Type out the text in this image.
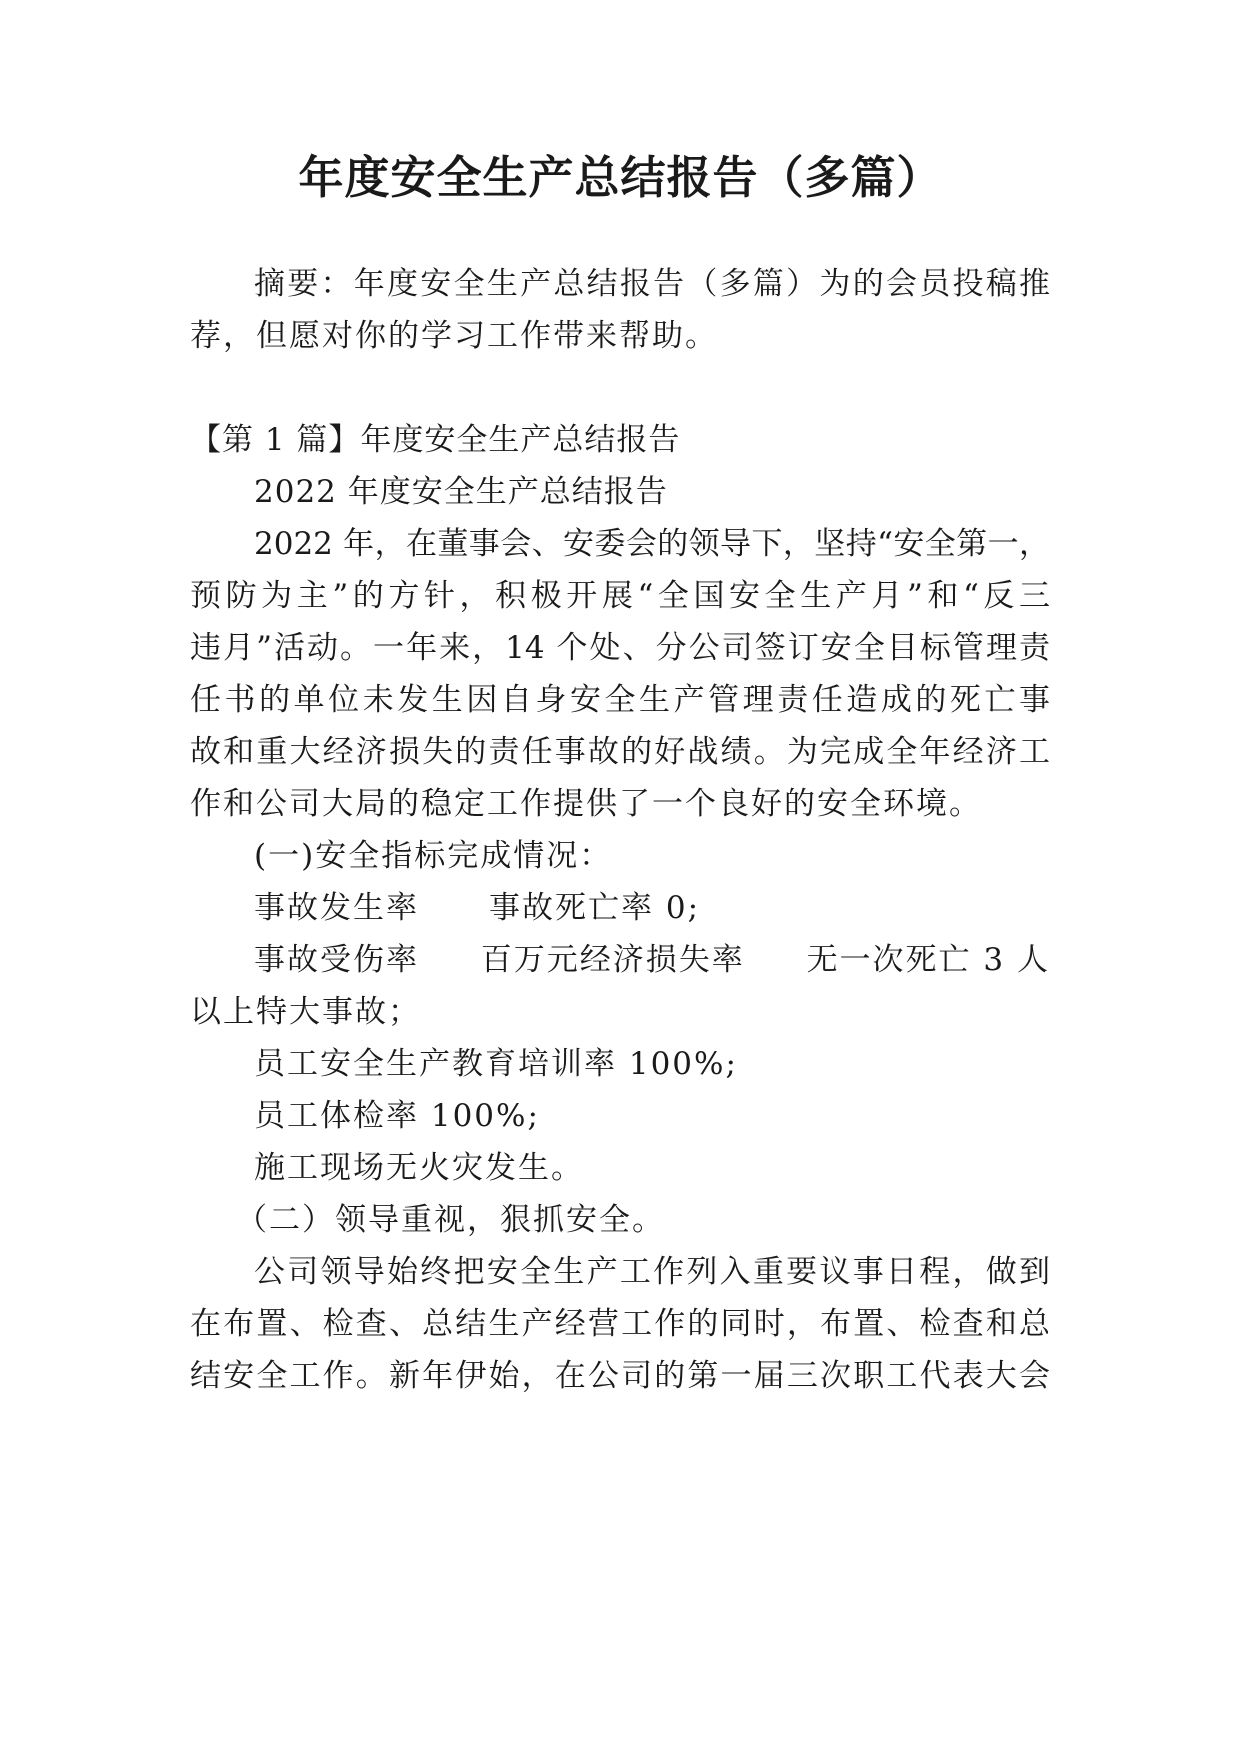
年度安全生产总结报告（多篇）

摘要：年度安全生产总结报告（多篇）为的会员投稿推

荐，但愿对你的学习工作带来帮助。

【第 1 篇】年度安全生产总结报告

2022 年度安全生产总结报告

2022 年，在董事会、安委会的领导下，坚持“安全第一，

预防为主”的方针，积极开展“全国安全生产月”和“反三

违月”活动。一年来，14 个处、分公司签订安全目标管理责

任书的单位未发生因自身安全生产管理责任造成的死亡事

故和重大经济损失的责任事故的好战绩。为完成全年经济工

作和公司大局的稳定工作提供了一个良好的安全环境。

(一)安全指标完成情况：

事故发生率 事故死亡率 0;

事故受伤率 百万元经济损失率 无一次死亡 3 人

以上特大事故；

员工安全生产教育培训率 100%;

员工体检率 100%;

施工现场无火灾发生。

（二）领导重视，狠抓安全。

公司领导始终把安全生产工作列入重要议事日程，做到

在布置、检查、总结生产经营工作的同时，布置、检查和总

结安全工作。新年伊始，在公司的第一届三次职工代表大会
